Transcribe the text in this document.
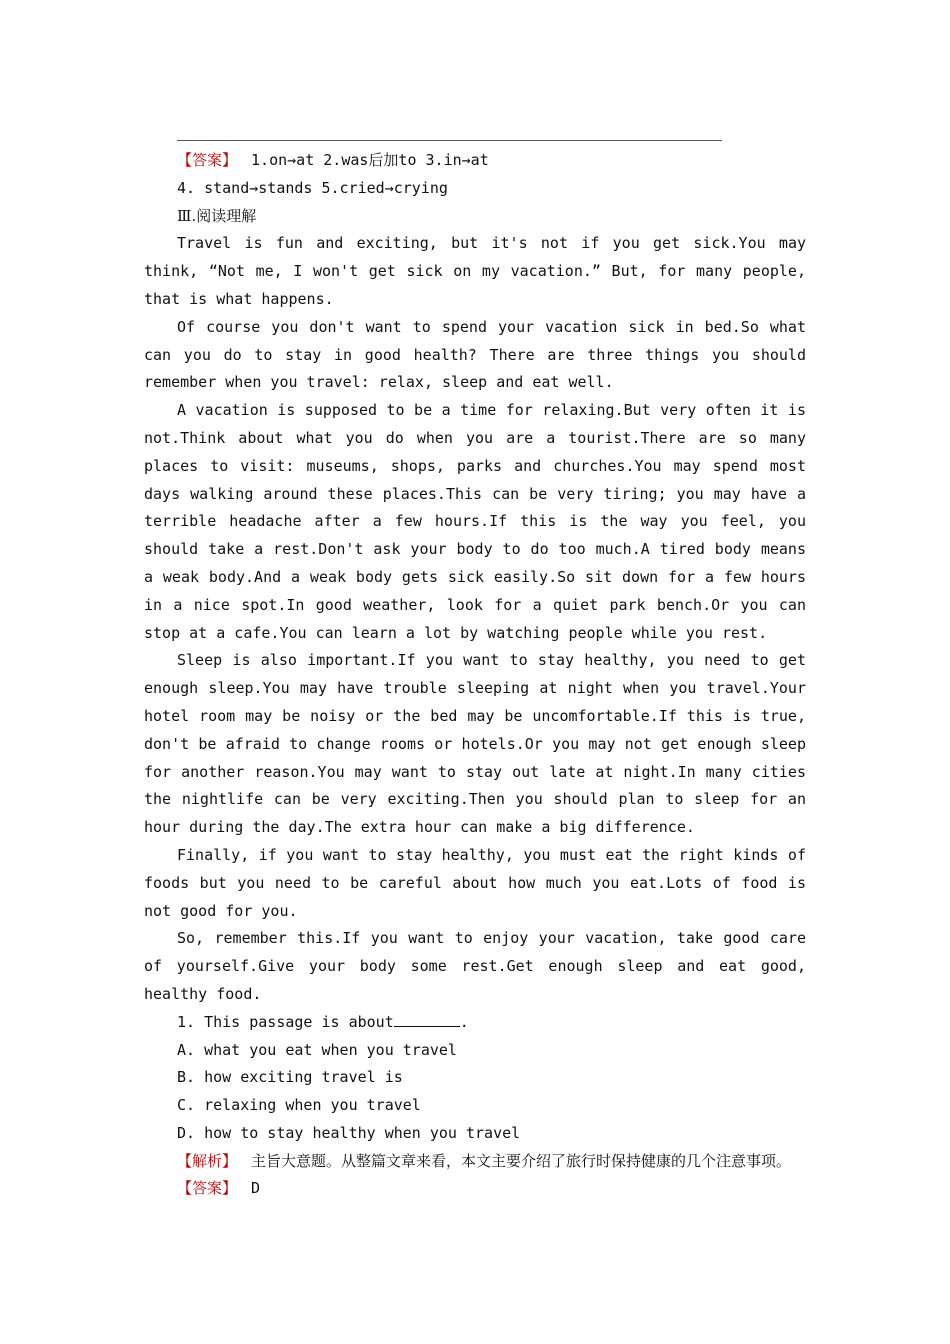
【答案】 1.on→at 2.was后加to 3.in→at
4. stand→stands 5.cried→crying
Ⅲ.阅读理解
Travel is fun and exciting, but it's not if you get sick.You may think, “Not me, I won't get sick on my vacation.” But, for many people, that is what happens.
Of course you don't want to spend your vacation sick in bed.So what can you do to stay in good health? There are three things you should remember when you travel: relax, sleep and eat well.
A vacation is supposed to be a time for relaxing.But very often it is not.Think about what you do when you are a tourist.There are so many places to visit: museums, shops, parks and churches.You may spend most days walking around these places.This can be very tiring; you may have a terrible headache after a few hours.If this is the way you feel, you should take a rest.Don't ask your body to do too much.A tired body means a weak body.And a weak body gets sick easily.So sit down for a few hours in a nice spot.In good weather, look for a quiet park bench.Or you can stop at a cafe.You can learn a lot by watching people while you rest.
Sleep is also important.If you want to stay healthy, you need to get enough sleep.You may have trouble sleeping at night when you travel.Your hotel room may be noisy or the bed may be uncomfortable.If this is true, don't be afraid to change rooms or hotels.Or you may not get enough sleep for another reason.You may want to stay out late at night.In many cities the nightlife can be very exciting.Then you should plan to sleep for an hour during the day.The extra hour can make a big difference.
Finally, if you want to stay healthy, you must eat the right kinds of foods but you need to be careful about how much you eat.Lots of food is not good for you.
So, remember this.If you want to enjoy your vacation, take good care of yourself.Give your body some rest.Get enough sleep and eat good, healthy food.
1. This passage is about	.
A. what you eat when you travel
B. how exciting travel is
C. relaxing when you travel
D. how to stay healthy when you travel
【解析】 主旨大意题。从整篇文章来看，本文主要介绍了旅行时保持健康的几个注意事项。
【答案】 D
